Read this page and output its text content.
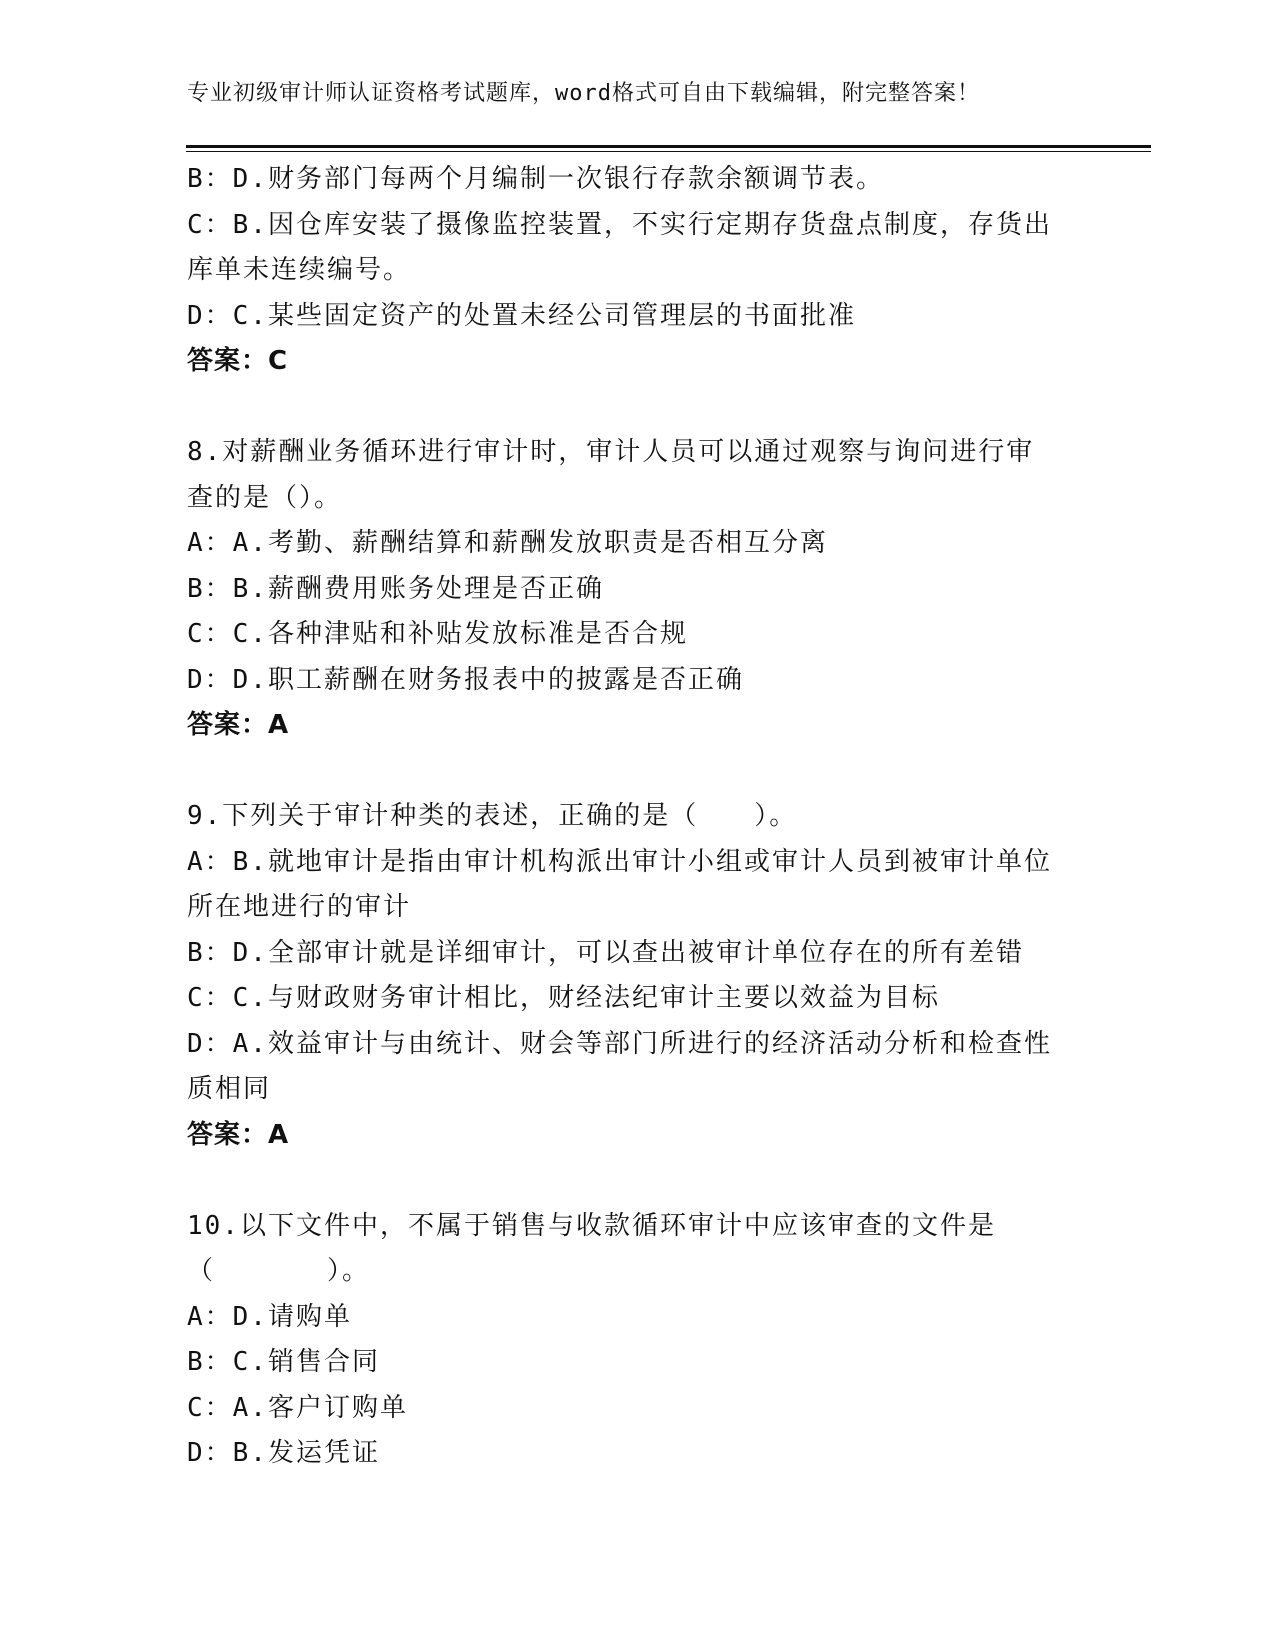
专业初级审计师认证资格考试题库，word格式可自由下载编辑，附完整答案！
B：D.财务部门每两个月编制一次银行存款余额调节表。
C：B.因仓库安装了摄像监控装置，不实行定期存货盘点制度，存货出
库单未连续编号。
D：C.某些固定资产的处置未经公司管理层的书面批准
答案：C
8.对薪酬业务循环进行审计时，审计人员可以通过观察与询问进行审
查的是（）。
A：A.考勤、薪酬结算和薪酬发放职责是否相互分离
B：B.薪酬费用账务处理是否正确
C：C.各种津贴和补贴发放标准是否合规
D：D.职工薪酬在财务报表中的披露是否正确
答案：A
9.下列关于审计种类的表述，正确的是（　　）。
A：B.就地审计是指由审计机构派出审计小组或审计人员到被审计单位
所在地进行的审计
B：D.全部审计就是详细审计，可以查出被审计单位存在的所有差错
C：C.与财政财务审计相比，财经法纪审计主要以效益为目标
D：A.效益审计与由统计、财会等部门所进行的经济活动分析和检查性
质相同
答案：A
10.以下文件中，不属于销售与收款循环审计中应该审查的文件是
（　　　　）。
A：D.请购单
B：C.销售合同
C：A.客户订购单
D：B.发运凭证
